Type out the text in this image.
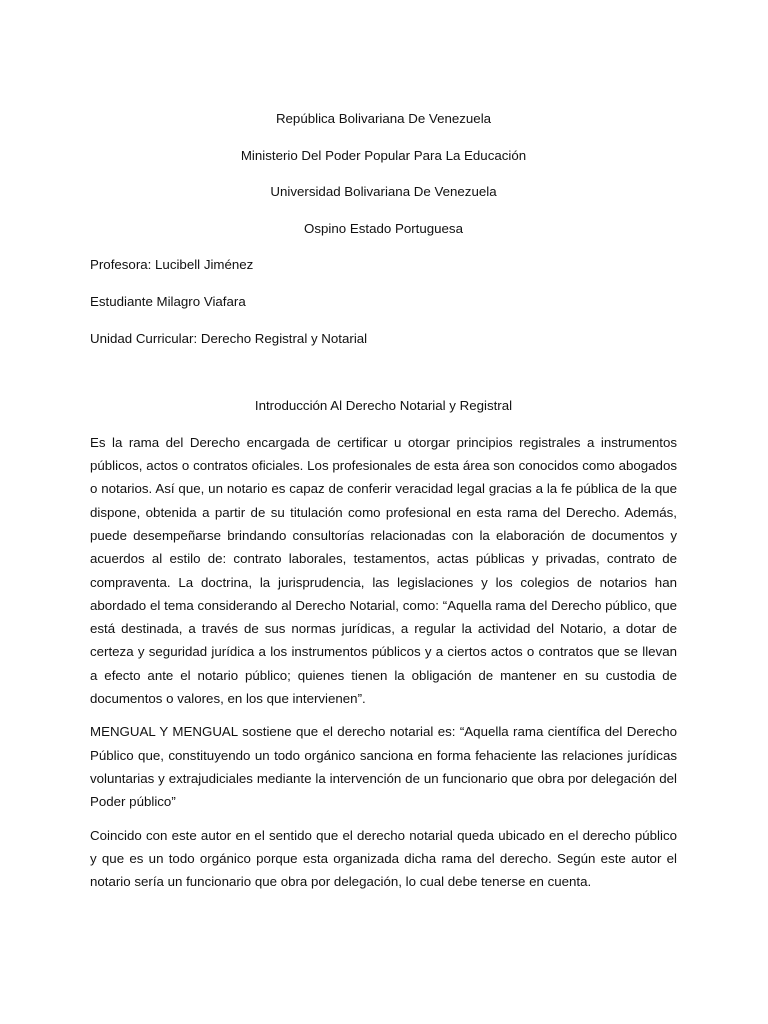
República Bolivariana De Venezuela

Ministerio Del Poder Popular Para La Educación

Universidad Bolivariana De Venezuela

Ospino Estado Portuguesa

Profesora: Lucibell Jiménez

Estudiante Milagro Viafara

Unidad Curricular: Derecho Registral y Notarial

Introducción Al Derecho Notarial y Registral

Es la rama del Derecho encargada de certificar u otorgar principios registrales a instrumentos públicos, actos o contratos oficiales. Los profesionales de esta área son conocidos como abogados o notarios. Así que, un notario es capaz de conferir veracidad legal gracias a la fe pública de la que dispone, obtenida a partir de su titulación como profesional en esta rama del Derecho. Además, puede desempeñarse brindando consultorías relacionadas con la elaboración de documentos y acuerdos al estilo de: contrato laborales, testamentos, actas públicas y privadas, contrato de compraventa. La doctrina, la jurisprudencia, las legislaciones y los colegios de notarios han abordado el tema considerando al Derecho Notarial, como: “Aquella rama del Derecho público, que está destinada, a través de sus normas jurídicas, a regular la actividad del Notario, a dotar de certeza y seguridad jurídica a los instrumentos públicos y a ciertos actos o contratos que se llevan a efecto ante el notario público; quienes tienen la obligación de mantener en su custodia de documentos o valores, en los que intervienen”.

MENGUAL Y MENGUAL sostiene que el derecho notarial es: “Aquella rama científica del Derecho Público que, constituyendo un todo orgánico sanciona en forma fehaciente las relaciones jurídicas voluntarias y extrajudiciales mediante la intervención de un funcionario que obra por delegación del Poder público”

Coincido con este autor en el sentido que el derecho notarial queda ubicado en el derecho público y que es un todo orgánico porque esta organizada dicha rama del derecho. Según este autor el notario sería un funcionario que obra por delegación, lo cual debe tenerse en cuenta.
